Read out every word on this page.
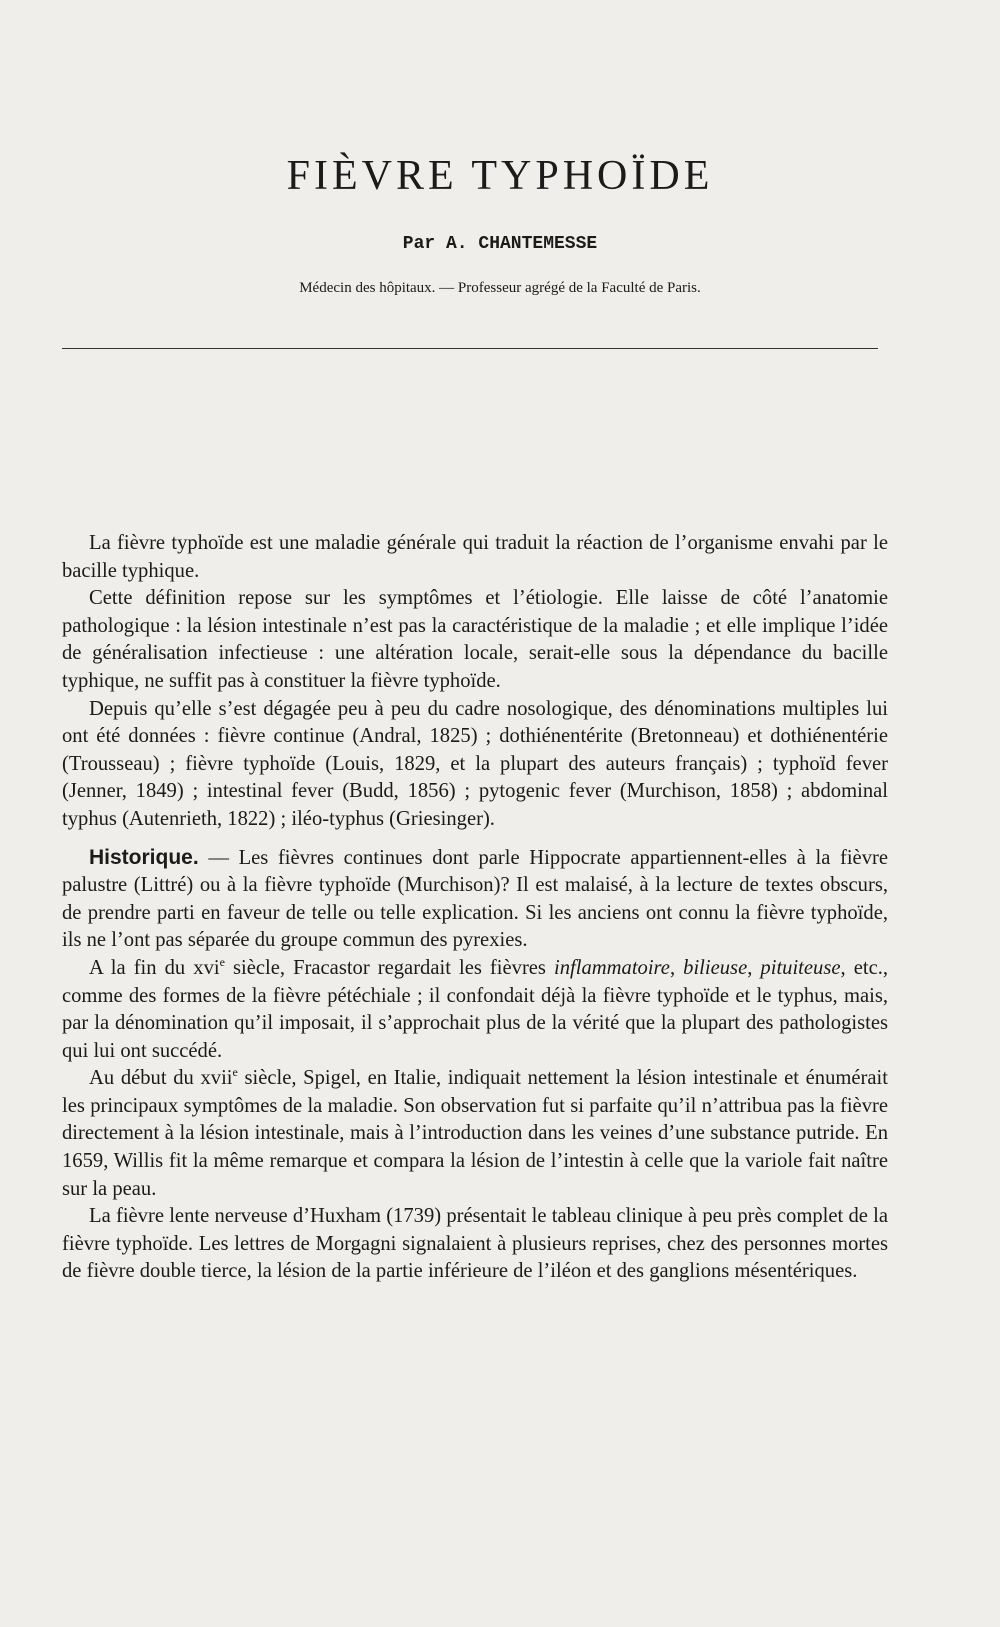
FIÈVRE TYPHOÏDE
Par A. CHANTEMESSE
Médecin des hôpitaux. — Professeur agrégé de la Faculté de Paris.

La fièvre typhoïde est une maladie générale qui traduit la réaction de l’organisme envahi par le bacille typhique.

Cette définition repose sur les symptômes et l’étiologie. Elle laisse de côté l’anatomie pathologique : la lésion intestinale n’est pas la caractéristique de la maladie ; et elle implique l’idée de généralisation infectieuse : une altération locale, serait-elle sous la dépendance du bacille typhique, ne suffit pas à constituer la fièvre typhoïde.

Depuis qu’elle s’est dégagée peu à peu du cadre nosologique, des dénominations multiples lui ont été données : fièvre continue (Andral, 1825) ; dothiénentérite (Bretonneau) et dothiénentérie (Trousseau) ; fièvre typhoïde (Louis, 1829, et la plupart des auteurs français) ; typhoïd fever (Jenner, 1849) ; intestinal fever (Budd, 1856) ; pytogenic fever (Murchison, 1858) ; abdominal typhus (Autenrieth, 1822) ; iléo-typhus (Griesinger).

Historique. — Les fièvres continues dont parle Hippocrate appartiennent-elles à la fièvre palustre (Littré) ou à la fièvre typhoïde (Murchison)? Il est malaisé, à la lecture de textes obscurs, de prendre parti en faveur de telle ou telle explication. Si les anciens ont connu la fièvre typhoïde, ils ne l’ont pas séparée du groupe commun des pyrexies.

A la fin du xvi$^e$ siècle, Fracastor regardait les fièvres inflammatoire, bilieuse, pituiteuse, etc., comme des formes de la fièvre pétéchiale ; il confondait déjà la fièvre typhoïde et le typhus, mais, par la dénomination qu’il imposait, il s’approchait plus de la vérité que la plupart des pathologistes qui lui ont succédé.

Au début du xvii$^e$ siècle, Spigel, en Italie, indiquait nettement la lésion intestinale et énumérait les principaux symptômes de la maladie. Son observation fut si parfaite qu’il n’attribua pas la fièvre directement à la lésion intestinale, mais à l’introduction dans les veines d’une substance putride. En 1659, Willis fit la même remarque et compara la lésion de l’intestin à celle que la variole fait naître sur la peau.

La fièvre lente nerveuse d’Huxham (1739) présentait le tableau clinique à peu près complet de la fièvre typhoïde. Les lettres de Morgagni signalaient à plusieurs reprises, chez des personnes mortes de fièvre double tierce, la lésion de la partie inférieure de l’iléon et des ganglions mésentériques.
